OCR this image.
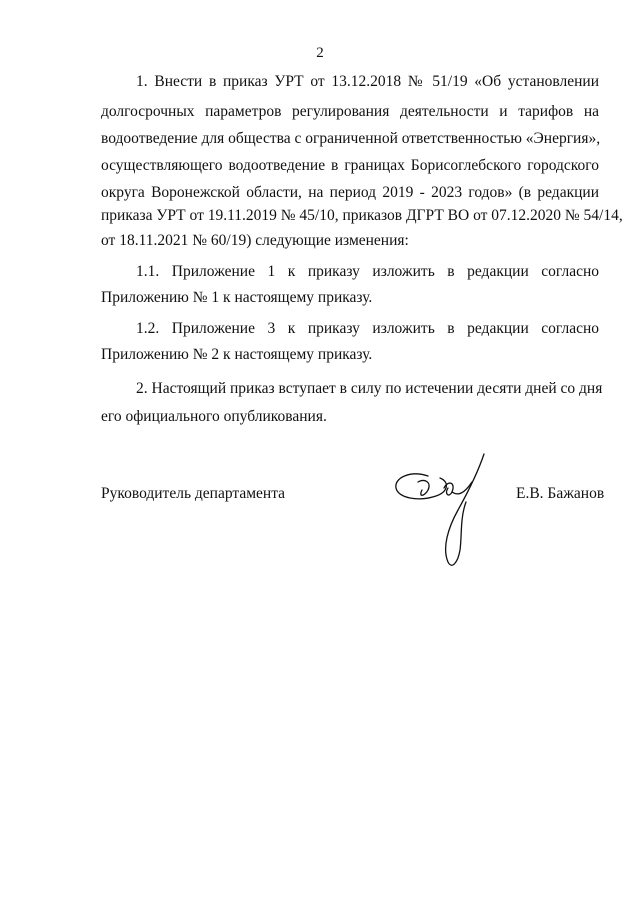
2
1. Внести в приказ УРТ от 13.12.2018 № 51/19 «Об установлении
долгосрочных параметров регулирования деятельности и тарифов на
водоотведение для общества с ограниченной ответственностью «Энергия»,
осуществляющего водоотведение в границах Борисоглебского городского
округа Воронежской области, на период 2019 - 2023 годов» (в редакции
приказа УРТ от 19.11.2019 № 45/10, приказов ДГРТ ВО от 07.12.2020 № 54/14,
от 18.11.2021 № 60/19) следующие изменения:
1.1. Приложение 1 к приказу изложить в редакции согласно
Приложению № 1 к настоящему приказу.
1.2. Приложение 3 к приказу изложить в редакции согласно
Приложению № 2 к настоящему приказу.
2. Настоящий приказ вступает в силу по истечении десяти дней со дня
его официального опубликования.
Руководитель департамента	Е.В. Бажанов
